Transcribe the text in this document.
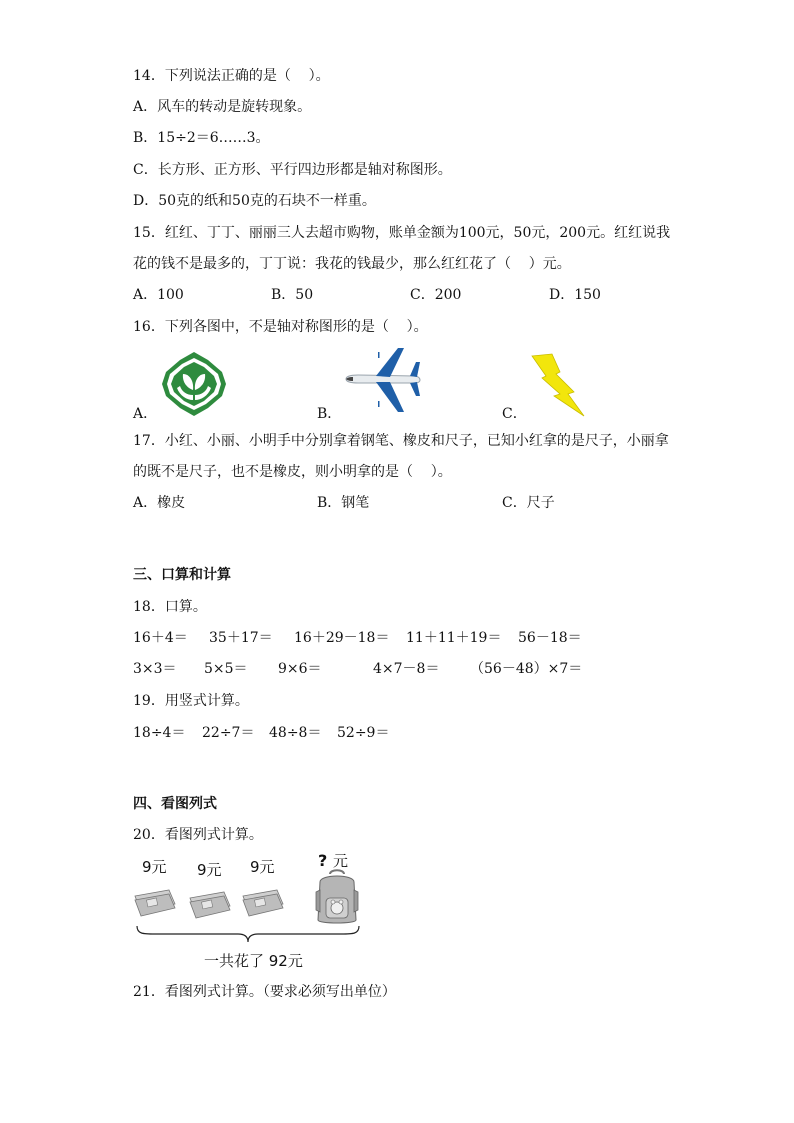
14．下列说法正确的是（    ）。
A．风车的转动是旋转现象。
B．15÷2＝6……3。
C．长方形、正方形、平行四边形都是轴对称图形。
D．50克的纸和50克的石块不一样重。
15．红红、丁丁、丽丽三人去超市购物，账单金额为100元，50元，200元。红红说我
花的钱不是最多的，丁丁说：我花的钱最少，那么红红花了（    ）元。
A．100	B．50	C．200	D．150
16．下列各图中，不是轴对称图形的是（    ）。
A．	B．	C．
17．小红、小丽、小明手中分别拿着钢笔、橡皮和尺子，已知小红拿的是尺子，小丽拿
的既不是尺子，也不是橡皮，则小明拿的是（    ）。
A．橡皮	B．钢笔	C．尺子
三、口算和计算
18．口算。
16＋4＝ 35＋17＝ 16＋29－18＝ 11＋11＋19＝ 56－18＝
3×3＝ 5×5＝ 9×6＝	4×7－8＝ （56－48）×7＝
19．用竖式计算。
18÷4＝ 22÷7＝ 48÷8＝ 52÷9＝
四、看图列式
20．看图列式计算。
9元 9元 9元	? 元
一共花了 92元
21．看图列式计算。（要求必须写出单位）
